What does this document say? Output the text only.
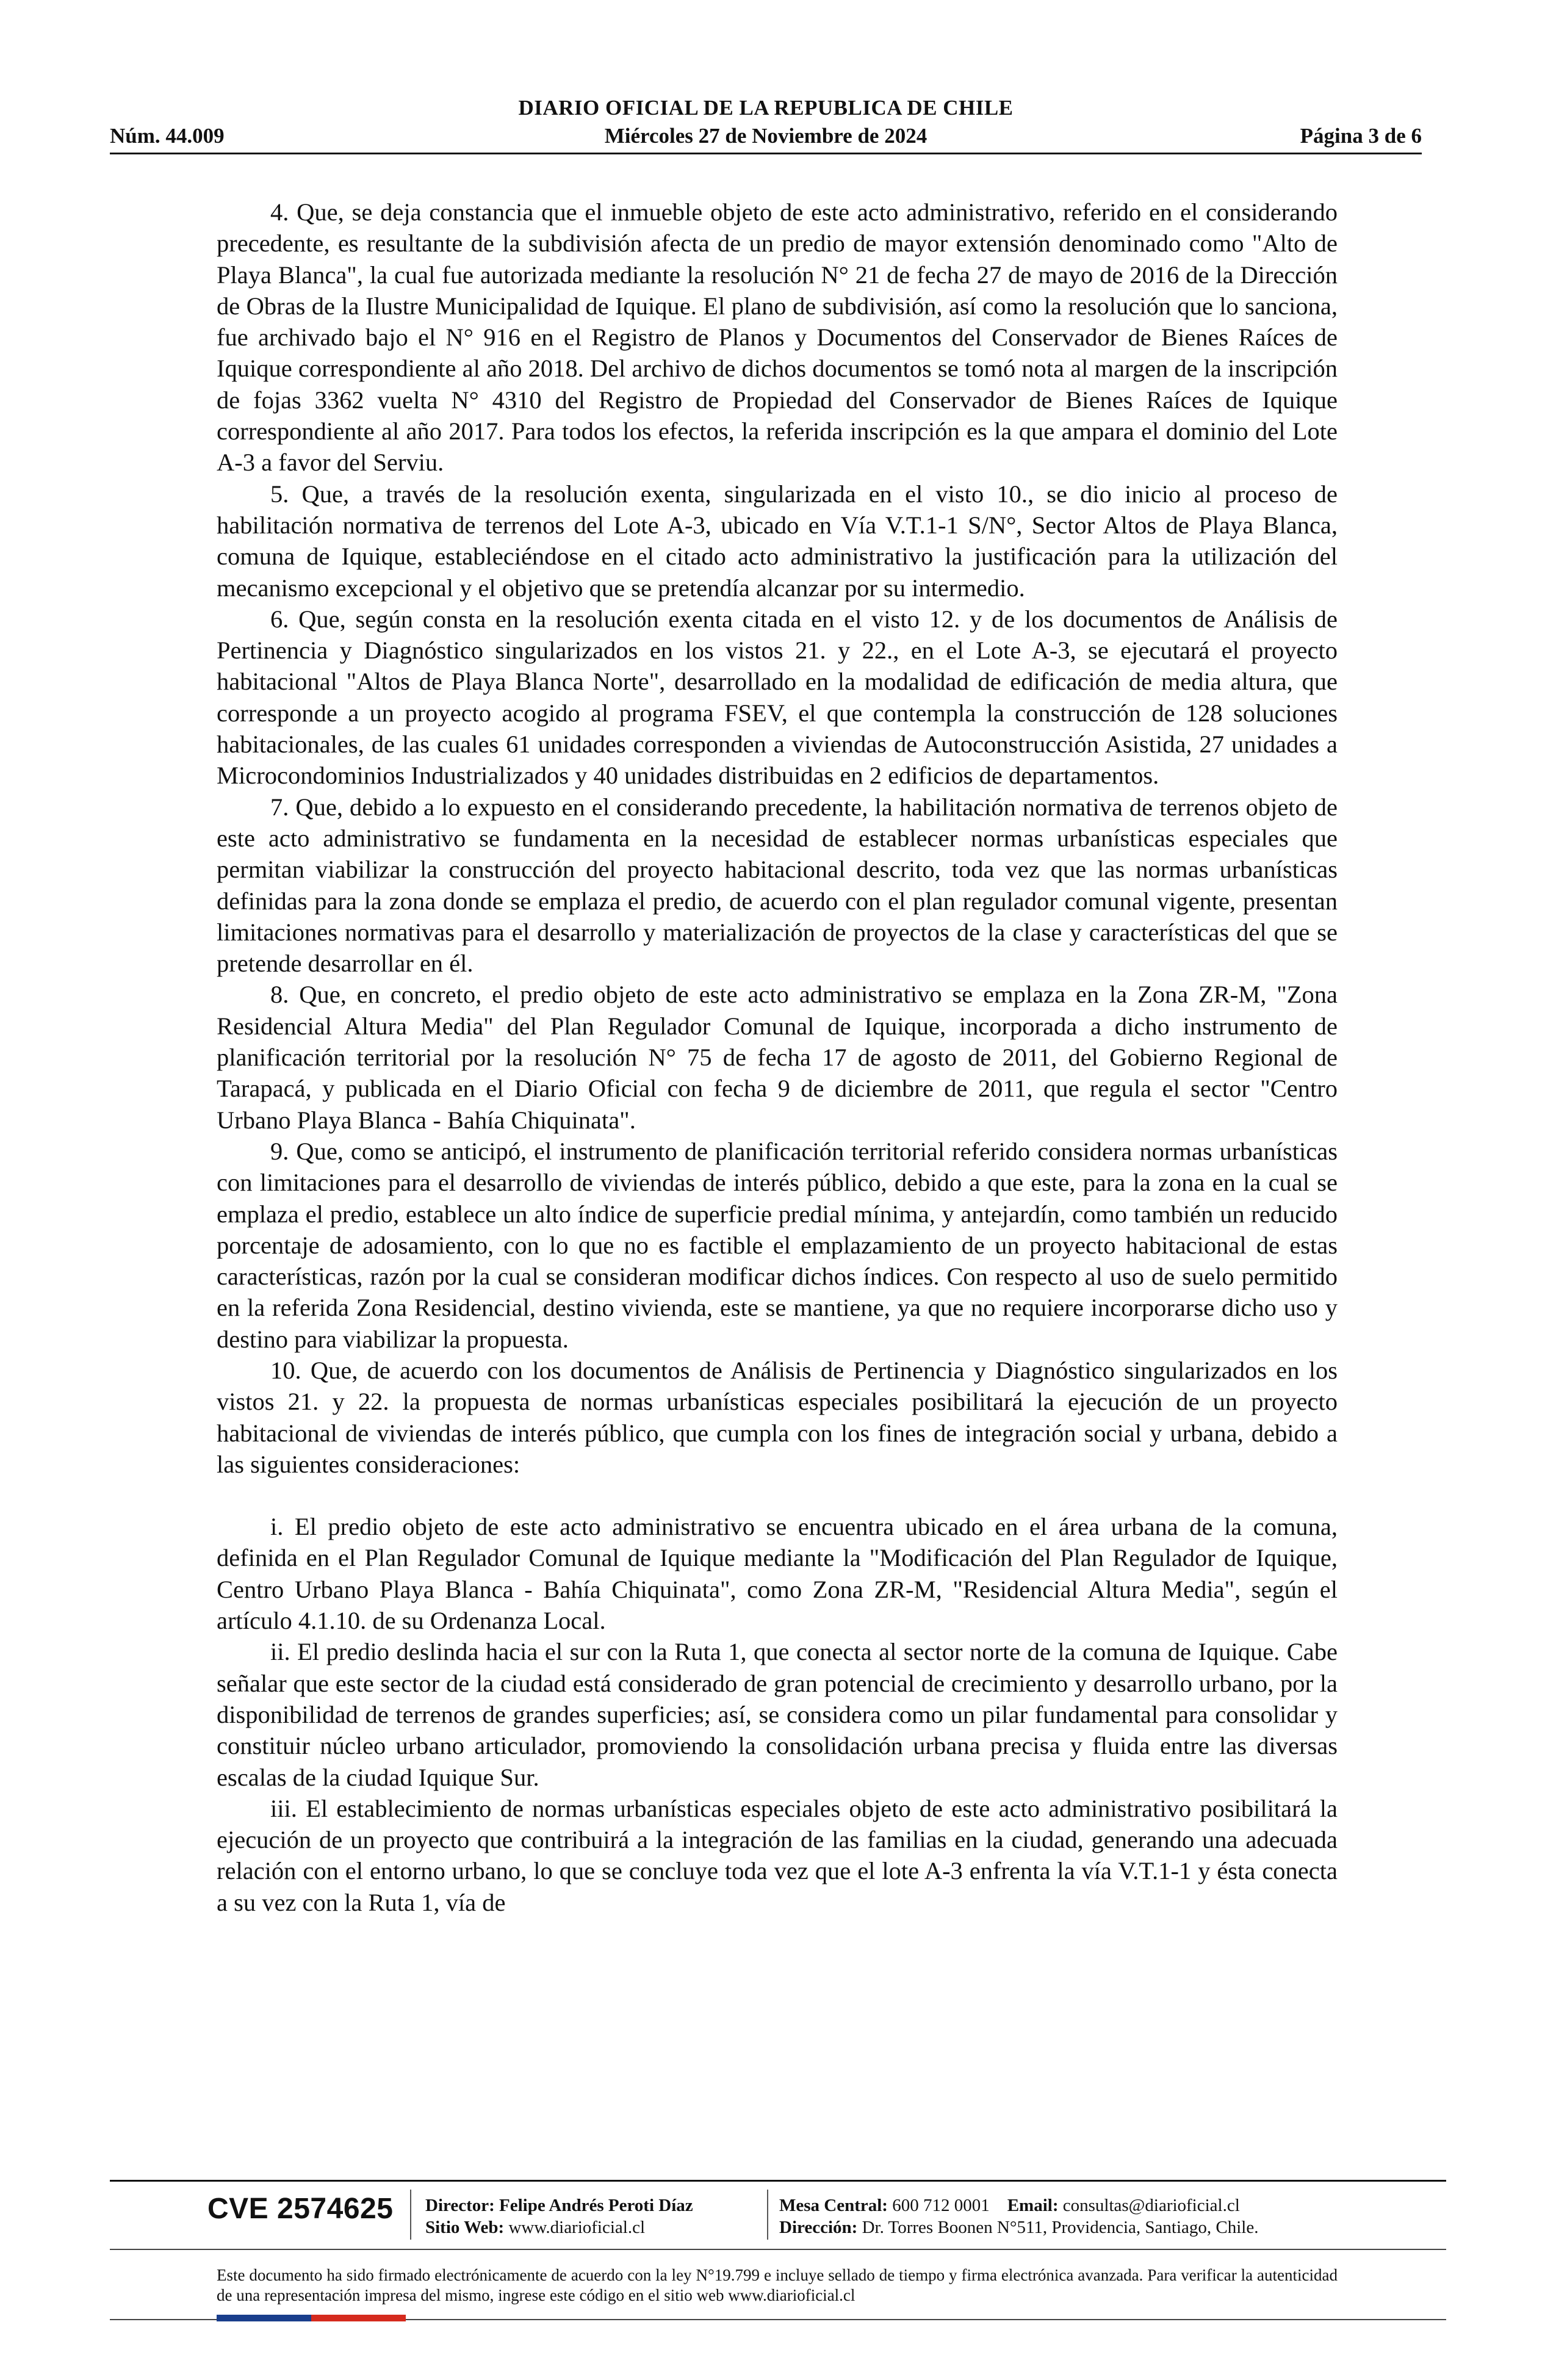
DIARIO OFICIAL DE LA REPUBLICA DE CHILE
Núm. 44.009	Miércoles 27 de Noviembre de 2024	Página 3 de 6

4. Que, se deja constancia que el inmueble objeto de este acto administrativo, referido en el considerando precedente, es resultante de la subdivisión afecta de un predio de mayor extensión denominado como "Alto de Playa Blanca", la cual fue autorizada mediante la resolución N° 21 de fecha 27 de mayo de 2016 de la Dirección de Obras de la Ilustre Municipalidad de Iquique. El plano de subdivisión, así como la resolución que lo sanciona, fue archivado bajo el N° 916 en el Registro de Planos y Documentos del Conservador de Bienes Raíces de Iquique correspondiente al año 2018. Del archivo de dichos documentos se tomó nota al margen de la inscripción de fojas 3362 vuelta N° 4310 del Registro de Propiedad del Conservador de Bienes Raíces de Iquique correspondiente al año 2017. Para todos los efectos, la referida inscripción es la que ampara el dominio del Lote A-3 a favor del Serviu.

5. Que, a través de la resolución exenta, singularizada en el visto 10., se dio inicio al proceso de habilitación normativa de terrenos del Lote A-3, ubicado en Vía V.T.1-1 S/N°, Sector Altos de Playa Blanca, comuna de Iquique, estableciéndose en el citado acto administrativo la justificación para la utilización del mecanismo excepcional y el objetivo que se pretendía alcanzar por su intermedio.

6. Que, según consta en la resolución exenta citada en el visto 12. y de los documentos de Análisis de Pertinencia y Diagnóstico singularizados en los vistos 21. y 22., en el Lote A-3, se ejecutará el proyecto habitacional "Altos de Playa Blanca Norte", desarrollado en la modalidad de edificación de media altura, que corresponde a un proyecto acogido al programa FSEV, el que contempla la construcción de 128 soluciones habitacionales, de las cuales 61 unidades corresponden a viviendas de Autoconstrucción Asistida, 27 unidades a Microcondominios Industrializados y 40 unidades distribuidas en 2 edificios de departamentos.

7. Que, debido a lo expuesto en el considerando precedente, la habilitación normativa de terrenos objeto de este acto administrativo se fundamenta en la necesidad de establecer normas urbanísticas especiales que permitan viabilizar la construcción del proyecto habitacional descrito, toda vez que las normas urbanísticas definidas para la zona donde se emplaza el predio, de acuerdo con el plan regulador comunal vigente, presentan limitaciones normativas para el desarrollo y materialización de proyectos de la clase y características del que se pretende desarrollar en él.

8. Que, en concreto, el predio objeto de este acto administrativo se emplaza en la Zona ZR-M, "Zona Residencial Altura Media" del Plan Regulador Comunal de Iquique, incorporada a dicho instrumento de planificación territorial por la resolución N° 75 de fecha 17 de agosto de 2011, del Gobierno Regional de Tarapacá, y publicada en el Diario Oficial con fecha 9 de diciembre de 2011, que regula el sector "Centro Urbano Playa Blanca - Bahía Chiquinata".

9. Que, como se anticipó, el instrumento de planificación territorial referido considera normas urbanísticas con limitaciones para el desarrollo de viviendas de interés público, debido a que este, para la zona en la cual se emplaza el predio, establece un alto índice de superficie predial mínima, y antejardín, como también un reducido porcentaje de adosamiento, con lo que no es factible el emplazamiento de un proyecto habitacional de estas características, razón por la cual se consideran modificar dichos índices. Con respecto al uso de suelo permitido en la referida Zona Residencial, destino vivienda, este se mantiene, ya que no requiere incorporarse dicho uso y destino para viabilizar la propuesta.

10. Que, de acuerdo con los documentos de Análisis de Pertinencia y Diagnóstico singularizados en los vistos 21. y 22. la propuesta de normas urbanísticas especiales posibilitará la ejecución de un proyecto habitacional de viviendas de interés público, que cumpla con los fines de integración social y urbana, debido a las siguientes consideraciones:

i. El predio objeto de este acto administrativo se encuentra ubicado en el área urbana de la comuna, definida en el Plan Regulador Comunal de Iquique mediante la "Modificación del Plan Regulador de Iquique, Centro Urbano Playa Blanca - Bahía Chiquinata", como Zona ZR-M, "Residencial Altura Media", según el artículo 4.1.10. de su Ordenanza Local.

ii. El predio deslinda hacia el sur con la Ruta 1, que conecta al sector norte de la comuna de Iquique. Cabe señalar que este sector de la ciudad está considerado de gran potencial de crecimiento y desarrollo urbano, por la disponibilidad de terrenos de grandes superficies; así, se considera como un pilar fundamental para consolidar y constituir núcleo urbano articulador, promoviendo la consolidación urbana precisa y fluida entre las diversas escalas de la ciudad Iquique Sur.

iii. El establecimiento de normas urbanísticas especiales objeto de este acto administrativo posibilitará la ejecución de un proyecto que contribuirá a la integración de las familias en la ciudad, generando una adecuada relación con el entorno urbano, lo que se concluye toda vez que el lote A-3 enfrenta la vía V.T.1-1 y ésta conecta a su vez con la Ruta 1, vía de

CVE 2574625 Director: Felipe Andrés Peroti Díaz
Sitio Web: www.diarioficial.cl
Mesa Central: 600 712 0001 Email: consultas@diarioficial.cl
Dirección: Dr. Torres Boonen N°511, Providencia, Santiago, Chile.
Este documento ha sido firmado electrónicamente de acuerdo con la ley N°19.799 e incluye sellado de tiempo y firma electrónica avanzada. Para verificar la autenticidad de una representación impresa del mismo, ingrese este código en el sitio web www.diarioficial.cl
